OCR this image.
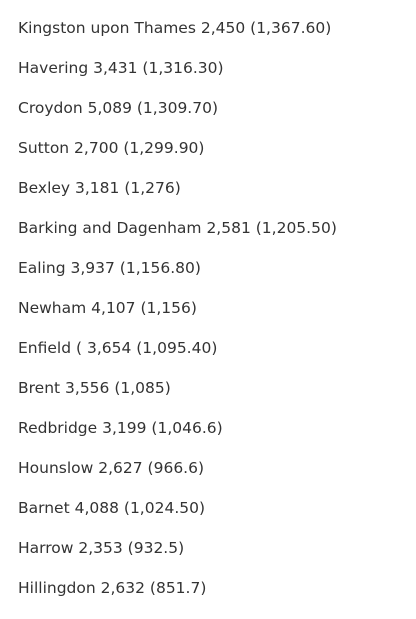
Kingston upon Thames 2,450 (1,367.60)
Havering 3,431 (1,316.30)
Croydon 5,089 (1,309.70)
Sutton 2,700 (1,299.90)
Bexley 3,181 (1,276)
Barking and Dagenham 2,581 (1,205.50)
Ealing 3,937 (1,156.80)
Newham 4,107 (1,156)
Enfield ( 3,654 (1,095.40)
Brent 3,556 (1,085)
Redbridge 3,199 (1,046.6)
Hounslow 2,627 (966.6)
Barnet 4,088 (1,024.50)
Harrow 2,353 (932.5)
Hillingdon 2,632 (851.7)
